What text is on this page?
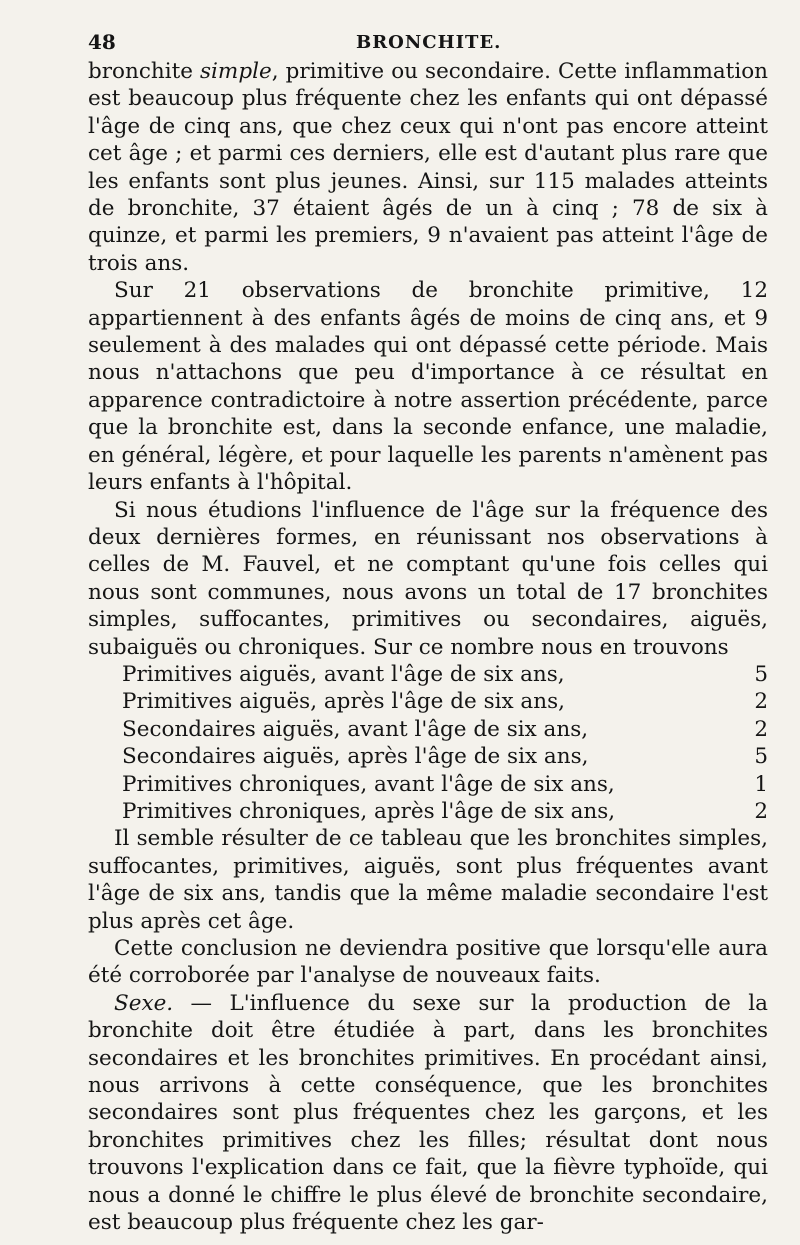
48	BRONCHITE.

bronchite simple, primitive ou secondaire. Cette inflammation est beaucoup plus fréquente chez les enfants qui ont dépassé l'âge de cinq ans, que chez ceux qui n'ont pas encore atteint cet âge ; et parmi ces derniers, elle est d'autant plus rare que les enfants sont plus jeunes. Ainsi, sur 115 malades atteints de bronchite, 37 étaient âgés de un à cinq ; 78 de six à quinze, et parmi les premiers, 9 n'avaient pas atteint l'âge de trois ans.

Sur 21 observations de bronchite primitive, 12 appartiennent à des enfants âgés de moins de cinq ans, et 9 seulement à des malades qui ont dépassé cette période. Mais nous n'attachons que peu d'importance à ce résultat en apparence contradictoire à notre assertion précédente, parce que la bronchite est, dans la seconde enfance, une maladie, en général, légère, et pour laquelle les parents n'amènent pas leurs enfants à l'hôpital.

Si nous étudions l'influence de l'âge sur la fréquence des deux dernières formes, en réunissant nos observations à celles de M. Fauvel, et ne comptant qu'une fois celles qui nous sont communes, nous avons un total de 17 bronchites simples, suffocantes, primitives ou secondaires, aiguës, subaiguës ou chroniques. Sur ce nombre nous en trouvons

Primitives aiguës, avant l'âge de six ans,	5
Primitives aiguës, après l'âge de six ans,	2
Secondaires aiguës, avant l'âge de six ans,	2
Secondaires aiguës, après l'âge de six ans,	5
Primitives chroniques, avant l'âge de six ans,	1
Primitives chroniques, après l'âge de six ans,	2

Il semble résulter de ce tableau que les bronchites simples, suffocantes, primitives, aiguës, sont plus fréquentes avant l'âge de six ans, tandis que la même maladie secondaire l'est plus après cet âge.

Cette conclusion ne deviendra positive que lorsqu'elle aura été corroborée par l'analyse de nouveaux faits.

Sexe. — L'influence du sexe sur la production de la bronchite doit être étudiée à part, dans les bronchites secondaires et les bronchites primitives. En procédant ainsi, nous arrivons à cette conséquence, que les bronchites secondaires sont plus fréquentes chez les garçons, et les bronchites primitives chez les filles; résultat dont nous trouvons l'explication dans ce fait, que la fièvre typhoïde, qui nous a donné le chiffre le plus élevé de bronchite secondaire, est beaucoup plus fréquente chez les gar-
